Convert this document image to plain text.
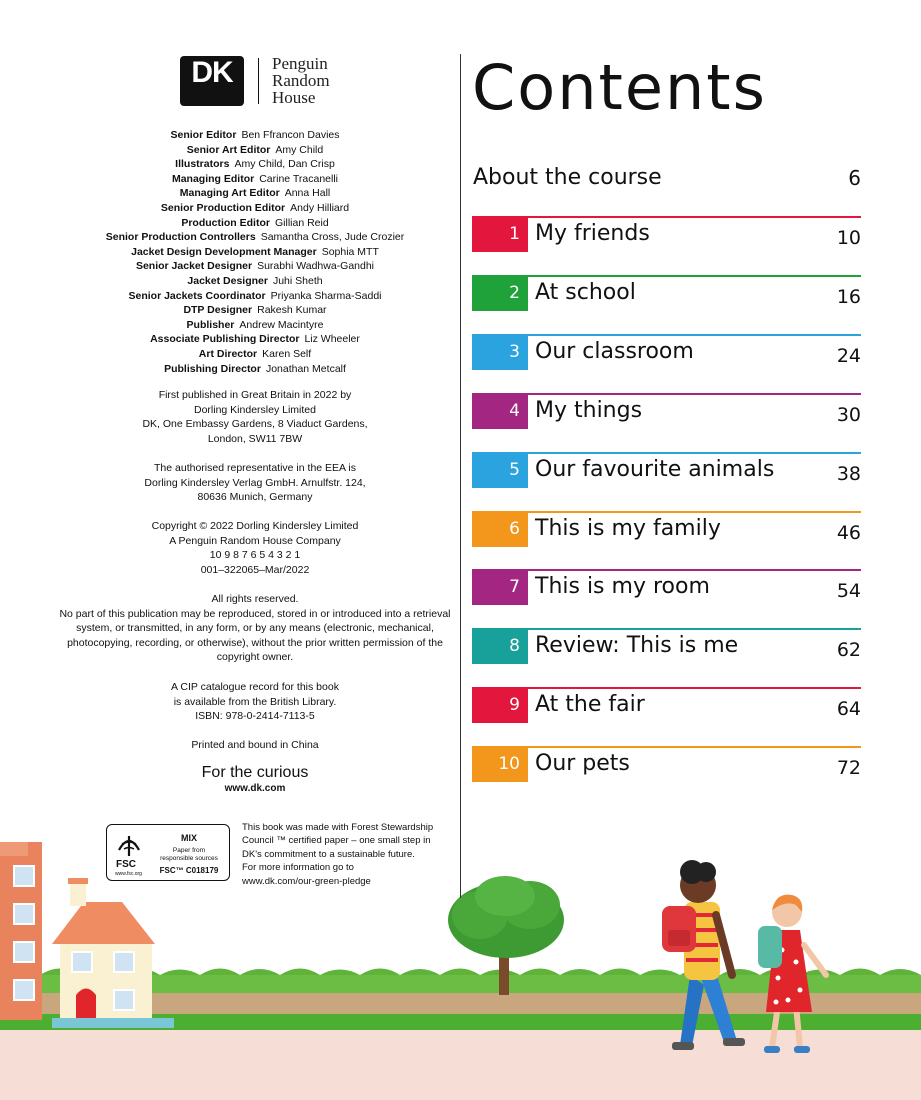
DK	Penguin
Random
House
Senior Editor Ben Ffrancon Davies
Senior Art Editor Amy Child
Illustrators Amy Child, Dan Crisp
Managing Editor Carine Tracanelli
Managing Art Editor Anna Hall
Senior Production Editor Andy Hilliard
Production Editor Gillian Reid
Senior Production Controllers Samantha Cross, Jude Crozier
Jacket Design Development Manager Sophia MTT
Senior Jacket Designer Surabhi Wadhwa-Gandhi
Jacket Designer Juhi Sheth
Senior Jackets Coordinator Priyanka Sharma-Saddi
DTP Designer Rakesh Kumar
Publisher Andrew Macintyre
Associate Publishing Director Liz Wheeler
Art Director Karen Self
Publishing Director Jonathan Metcalf
First published in Great Britain in 2022 by
Dorling Kindersley Limited
DK, One Embassy Gardens, 8 Viaduct Gardens,
London, SW11 7BW
The authorised representative in the EEA is
Dorling Kindersley Verlag GmbH. Arnulfstr. 124,
80636 Munich, Germany
Copyright © 2022 Dorling Kindersley Limited
A Penguin Random House Company
10 9 8 7 6 5 4 3 2 1
001–322065–Mar/2022
All rights reserved.
No part of this publication may be reproduced, stored in or introduced into a retrieval
system, or transmitted, in any form, or by any means (electronic, mechanical,
photocopying, recording, or otherwise), without the prior written permission of the
copyright owner.
A CIP catalogue record for this book
is available from the British Library.
ISBN: 978-0-2414-7113-5
Printed and bound in China
For the curious
www.dk.com
FSC
www.fsc.org
MIX
Paper from
responsible sources
FSC™ C018179
This book was made with Forest Stewardship
Council ™ certified paper – one small step in
DK's commitment to a sustainable future.
For more information go to
www.dk.com/our-green-pledge
Contents
About the course	6
1 My friends	10
2 At school	16
3 Our classroom	24
4 My things	30
5 Our favourite animals	38
6 This is my family	46
7 This is my room	54
8 Review: This is me	62
9 At the fair	64
10 Our pets	72
